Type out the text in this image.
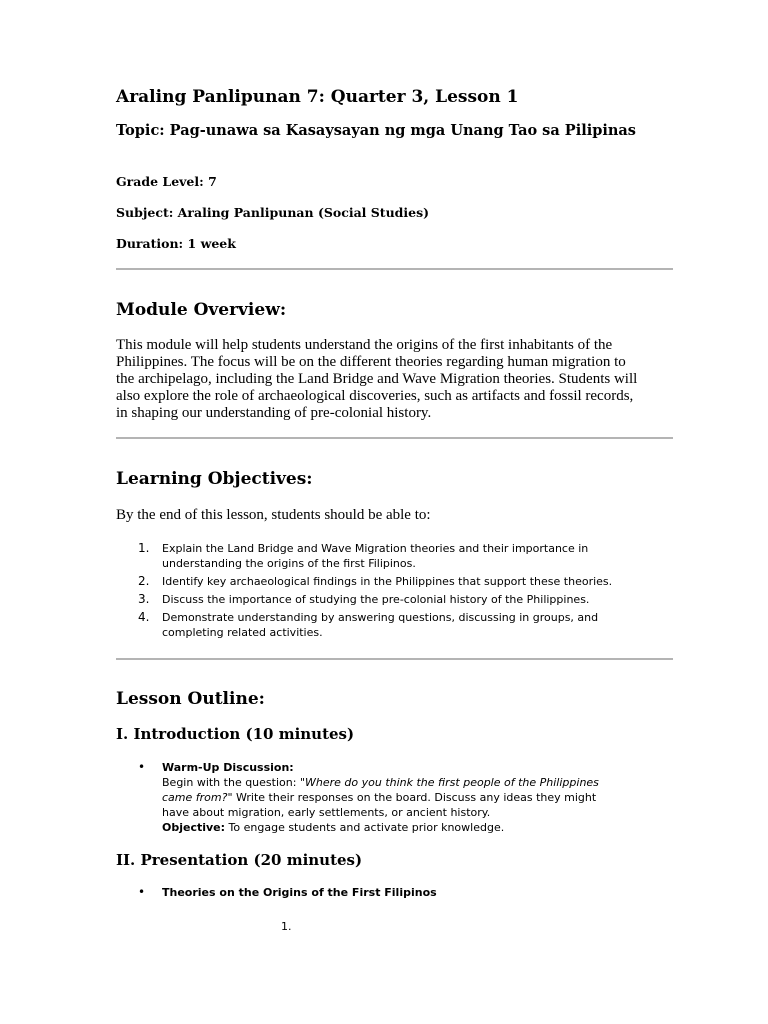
Araling Panlipunan 7: Quarter 3, Lesson 1
Topic: Pag-unawa sa Kasaysayan ng mga Unang Tao sa Pilipinas

Grade Level: 7

Subject: Araling Panlipunan (Social Studies)

Duration: 1 week

Module Overview:

This module will help students understand the origins of the first inhabitants of the Philippines. The focus will be on the different theories regarding human migration to the archipelago, including the Land Bridge and Wave Migration theories. Students will also explore the role of archaeological discoveries, such as artifacts and fossil records, in shaping our understanding of pre-colonial history.

Learning Objectives:

By the end of this lesson, students should be able to:

1. Explain the Land Bridge and Wave Migration theories and their importance in understanding the origins of the first Filipinos.
2. Identify key archaeological findings in the Philippines that support these theories.
3. Discuss the importance of studying the pre-colonial history of the Philippines.
4. Demonstrate understanding by answering questions, discussing in groups, and completing related activities.
Lesson Outline:
I. Introduction (10 minutes)
• Warm-Up Discussion:
Begin with the question: "Where do you think the first people of the Philippines came from?" Write their responses on the board. Discuss any ideas they might have about migration, early settlements, or ancient history.
Objective: To engage students and activate prior knowledge.
II. Presentation (20 minutes)
•	Theories on the Origins of the First Filipinos
1.
